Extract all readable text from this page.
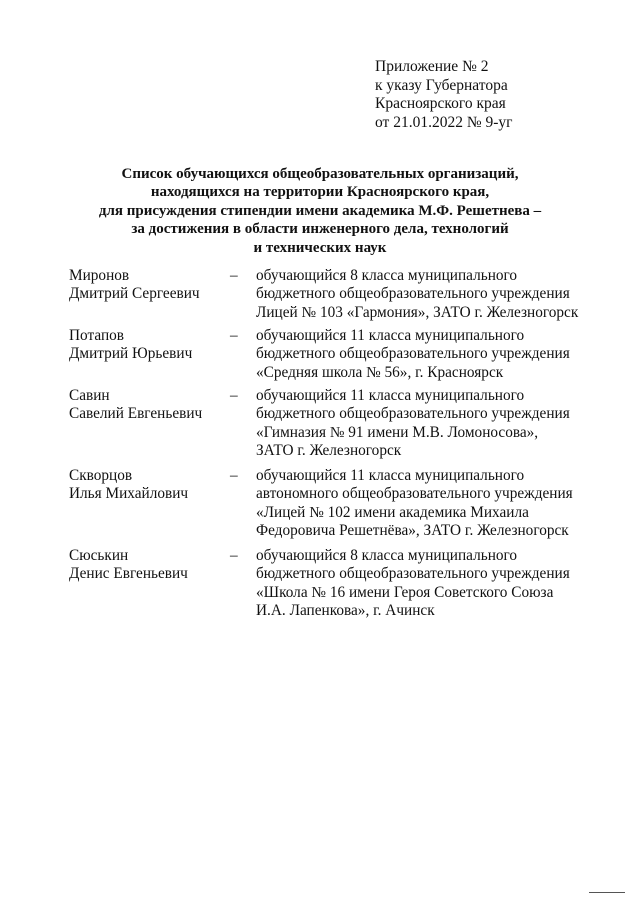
Приложение № 2
к указу Губернатора
Красноярского края
от 21.01.2022 № 9-уг
Список обучающихся общеобразовательных организаций,
находящихся на территории Красноярского края,
для присуждения стипендии имени академика М.Ф. Решетнева –
за достижения в области инженерного дела, технологий
и технических наук
Миронов
Дмитрий Сергеевич
– обучающийся 8 класса муниципального
бюджетного общеобразовательного учреждения
Лицей № 103 «Гармония», ЗАТО г. Железногорск
Потапов
Дмитрий Юрьевич
– обучающийся 11 класса муниципального
бюджетного общеобразовательного учреждения
«Средняя школа № 56», г. Красноярск
Савин
Савелий Евгеньевич
– обучающийся 11 класса муниципального
бюджетного общеобразовательного учреждения
«Гимназия № 91 имени М.В. Ломоносова»,
ЗАТО г. Железногорск
Скворцов
Илья Михайлович
– обучающийся 11 класса муниципального
автономного общеобразовательного учреждения
«Лицей № 102 имени академика Михаила
Федоровича Решетнёва», ЗАТО г. Железногорск
Сюськин
Денис Евгеньевич
– обучающийся 8 класса муниципального
бюджетного общеобразовательного учреждения
«Школа № 16 имени Героя Советского Союза
И.А. Лапенкова», г. Ачинск
